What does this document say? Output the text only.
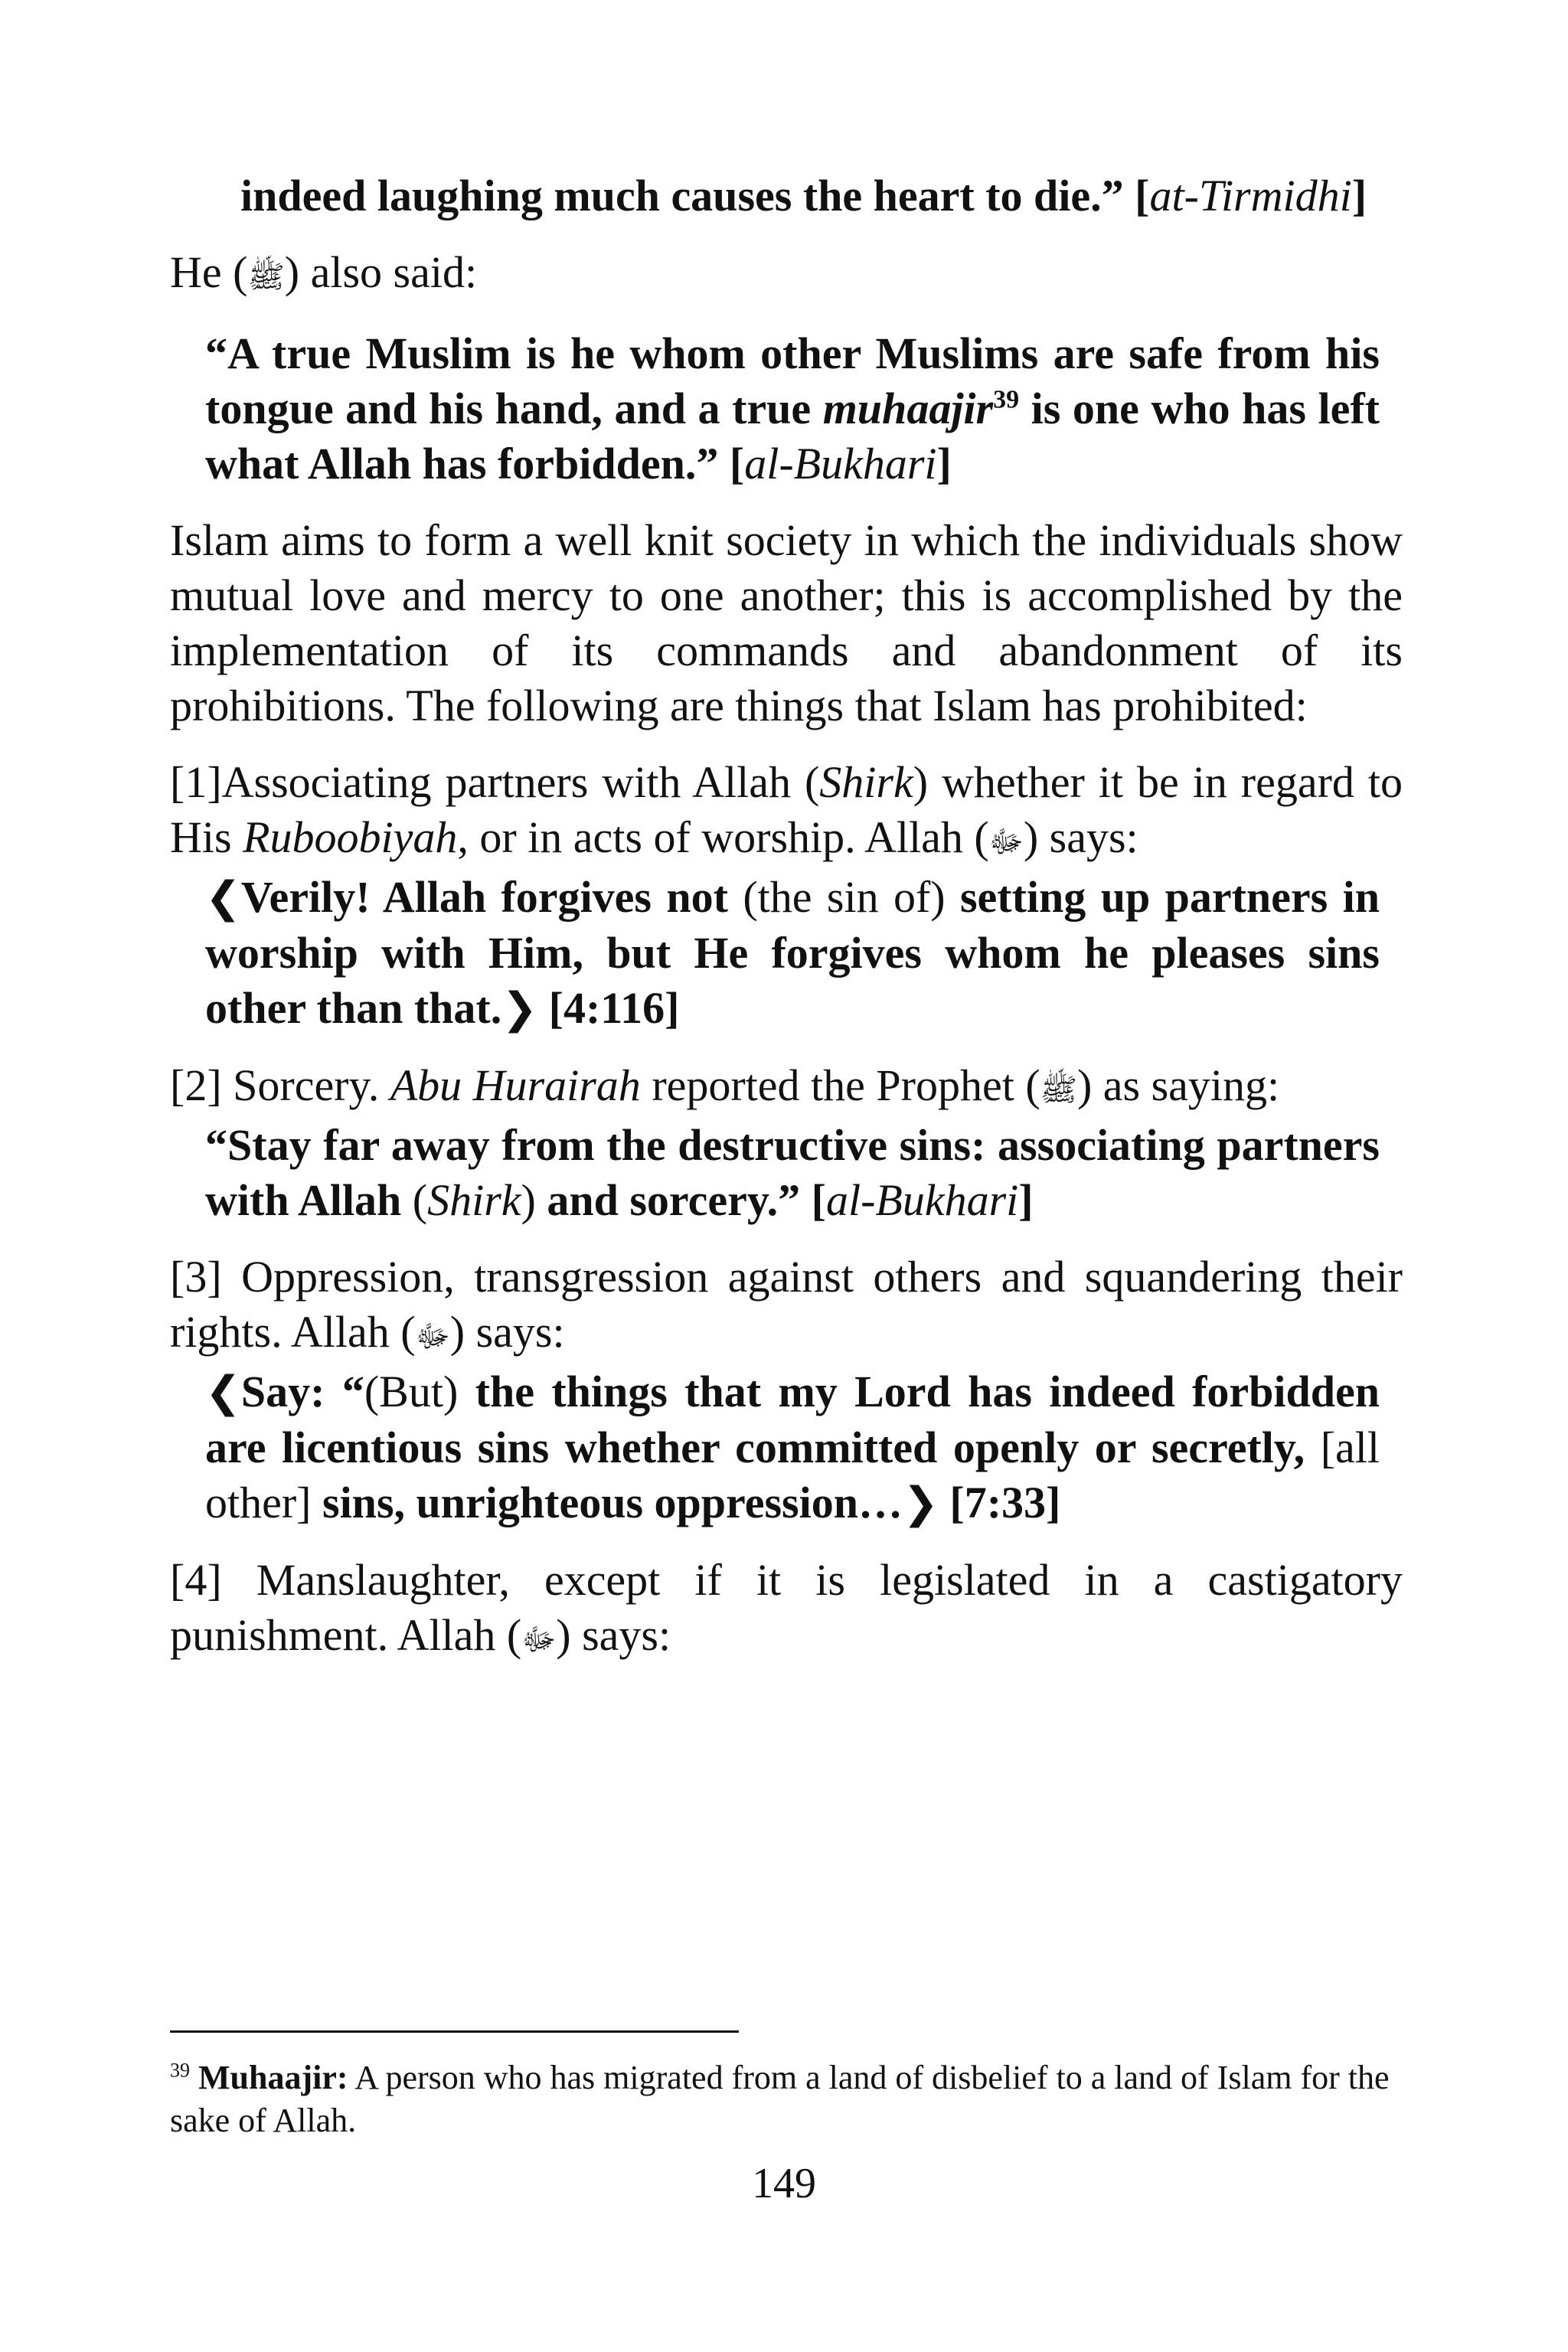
indeed laughing much causes the heart to die.” [at-Tirmidhi]

He (ﷺ) also said:

“A true Muslim is he whom other Muslims are safe from his tongue and his hand, and a true muhaajir$^{39}$ is one who has left what Allah has forbidden.” [al-Bukhari]

Islam aims to form a well knit society in which the individuals show mutual love and mercy to one another; this is accomplished by the implementation of its commands and abandonment of its prohibitions. The following are things that Islam has prohibited:

[1]Associating partners with Allah (Shirk) whether it be in regard to His Ruboobiyah, or in acts of worship. Allah (ﷻ) says:

❮Verily! Allah forgives not (the sin of) setting up partners in worship with Him, but He forgives whom he pleases sins other than that.❯ [4:116]

[2] Sorcery. Abu Hurairah reported the Prophet (ﷺ) as saying:

“Stay far away from the destructive sins: associating partners with Allah (Shirk) and sorcery.” [al-Bukhari]

[3] Oppression, transgression against others and squandering their rights. Allah (ﷻ) says:

❮Say: “(But) the things that my Lord has indeed forbidden are licentious sins whether committed openly or secretly, [all other] sins, unrighteous oppression…❯ [7:33]

[4] Manslaughter, except if it is legislated in a castigatory punishment. Allah (ﷻ) says:

$^{39}$ Muhaajir: A person who has migrated from a land of disbelief to a land of Islam for the sake of Allah.
149
